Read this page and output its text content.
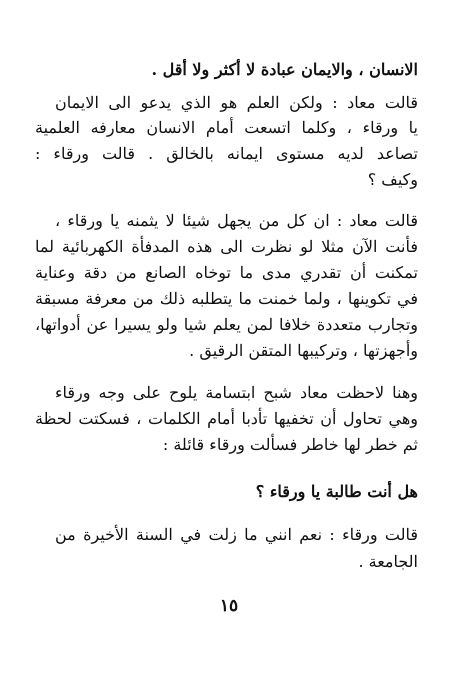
الانسان ، والايمان عبادة لا أكثر ولا أقل .
قالت معاد : ولكن العلم هو الذي يدعو الى الايمان
يا ورقاء ، وكلما اتسعت أمام الانسان معارفه العلمية
تصاعد لديه مستوى ايمانه بالخالق . قالت ورقاء :
وكيف ؟
قالت معاد : ان كل من يجهل شيئا لا يثمنه يا ورقاء ،
فأنت الآن مثلا لو نظرت الى هذه المدفأة الكهربائية لما
تمكنت أن تقدري مدى ما توخاه الصانع من دقة وعناية
في تكوينها ، ولما خمنت ما يتطلبه ذلك من معرفة مسبقة
وتجارب متعددة خلافا لمن يعلم شيا ولو يسيرا عن أدواتها،
وأجهزتها ، وتركيبها المتقن الرقيق .
وهنا لاحظت معاد شبح ابتسامة يلوح على وجه ورقاء
وهي تحاول أن تخفيها تأدبا أمام الكلمات ، فسكتت لحظة
ثم خطر لها خاطر فسألت ورقاء قائلة :
هل أنت طالبة يا ورقاء ؟
قالت ورقاء : نعم انني ما زلت في السنة الأخيرة من
الجامعة .
١٥
